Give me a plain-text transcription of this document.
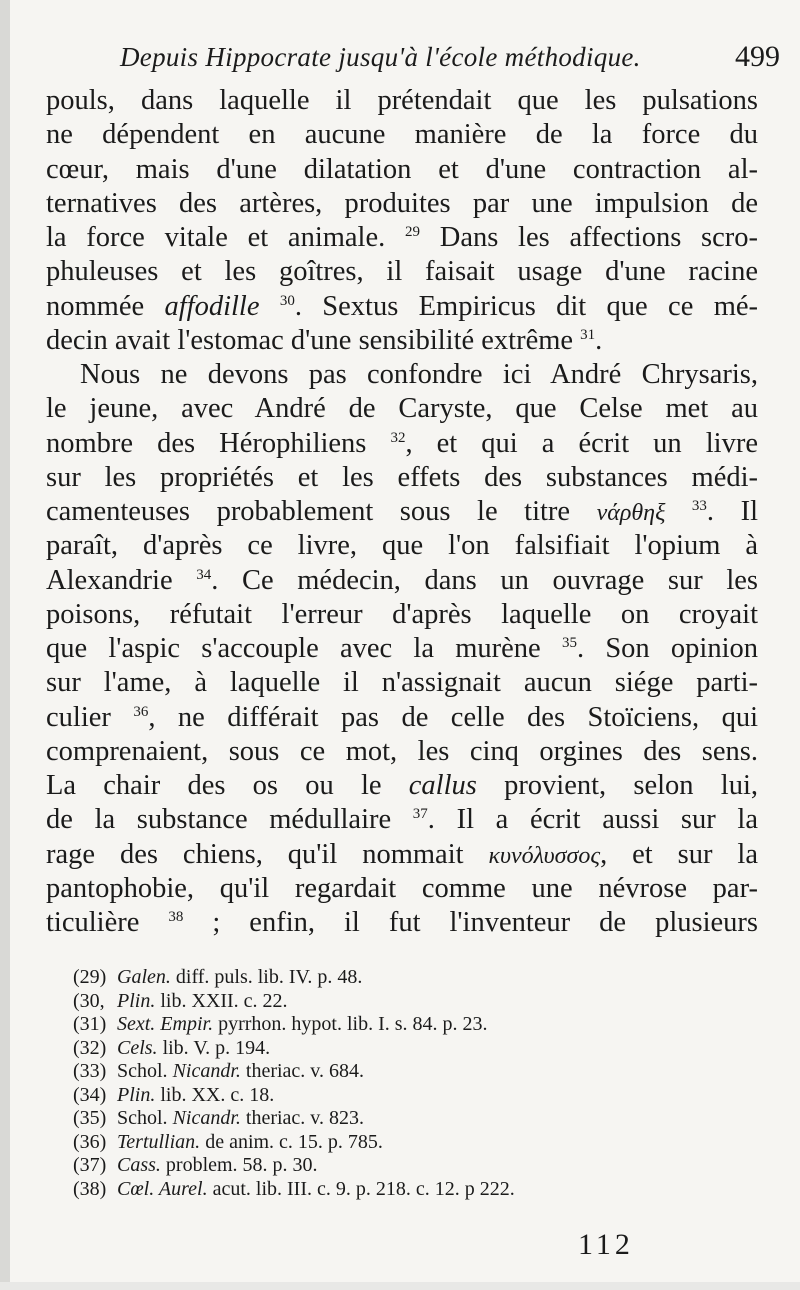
Depuis Hippocrate jusqu'à l'école méthodique.	499
pouls, dans laquelle il prétendait que les pulsations
ne dépendent en aucune manière de la force du
cœur, mais d'une dilatation et d'une contraction al-
ternatives des artères, produites par une impulsion de
la force vitale et animale. $^{29}$ Dans les affections scro-
phuleuses et les goîtres, il faisait usage d'une racine
nommée affodille $^{30}$. Sextus Empiricus dit que ce mé-
decin avait l'estomac d'une sensibilité extrême $^{31}$.
Nous ne devons pas confondre ici André Chrysaris,
le jeune, avec André de Caryste, que Celse met au
nombre des Hérophiliens $^{32}$, et qui a écrit un livre
sur les propriétés et les effets des substances médi-
camenteuses probablement sous le titre νάρθηξ $^{33}$. Il
paraît, d'après ce livre, que l'on falsifiait l'opium à
Alexandrie $^{34}$. Ce médecin, dans un ouvrage sur les
poisons, réfutait l'erreur d'après laquelle on croyait
que l'aspic s'accouple avec la murène $^{35}$. Son opinion
sur l'ame, à laquelle il n'assignait aucun siége parti-
culier $^{36}$, ne différait pas de celle des Stoïciens, qui
comprenaient, sous ce mot, les cinq orgines des sens.
La chair des os ou le callus provient, selon lui,
de la substance médullaire $^{37}$. Il a écrit aussi sur la
rage des chiens, qu'il nommait κυνόλυσσος, et sur la
pantophobie, qu'il regardait comme une névrose par-
ticulière $^{38}$ ; enfin, il fut l'inventeur de plusieurs
(29) Galen. diff. puls. lib. IV. p. 48.
(30, Plin. lib. XXII. c. 22.
(31) Sext. Empir. pyrrhon. hypot. lib. I. s. 84. p. 23.
(32) Cels. lib. V. p. 194.
(33) Schol. Nicandr. theriac. v. 684.
(34) Plin. lib. XX. c. 18.
(35) Schol. Nicandr. theriac. v. 823.
(36) Tertullian. de anim. c. 15. p. 785.
(37) Cass. problem. 58. p. 30.
(38) Cœl. Aurel. acut. lib. III. c. 9. p. 218. c. 12. p 222.
112
